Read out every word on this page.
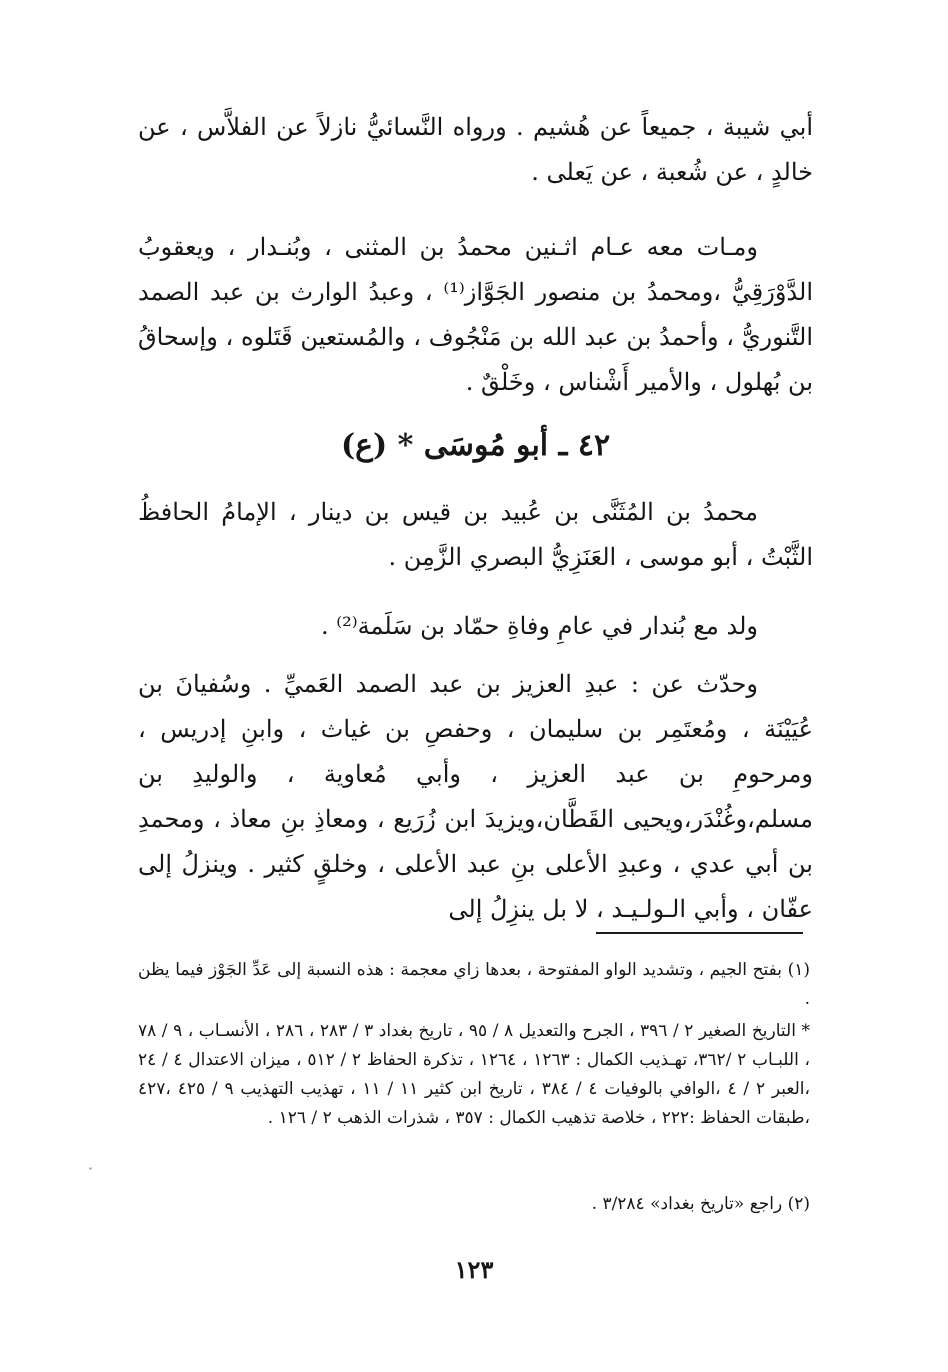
أبي شيبة ، جميعاً عن هُشيم . ورواه النَّسائيُّ نازلاً عن الفلاَّس ، عن خالدٍ ، عن شُعبة ، عن يَعلى .
ومـات معه عـام اثـنين محمدُ بن المثنى ، وبُنـدار ، ويعقوبُ الدَّوْرَقِيُّ ،ومحمدُ بن منصور الجَوَّاز⁽¹⁾ ، وعبدُ الوارث بن عبد الصمد التَّنوريُّ ، وأحمدُ بن عبد الله بن مَنْجُوف ، والمُستعين قَتَلوه ، وإسحاقُ بن بُهلول ، والأمير أَشْناس ، وخَلْقٌ .
٤٢ ـ أبو مُوسَى * (ع)
محمدُ بن المُثَنَّى بن عُبيد بن قيس بن دينار ، الإمامُ الحافظُ الثَّبْتُ ، أبو موسى ، العَنَزِيُّ البصري الزَّمِن .
ولد مع بُندار في عامِ وفاةِ حمّاد بن سَلَمة⁽²⁾ .
وحدّث عن : عبدِ العزيز بن عبد الصمد العَميِّ . وسُفيانَ بن عُيَيْنَة ، ومُعتَمِر بن سليمان ، وحفصِ بن غياث ، وابنِ إدريس ، ومرحومِ بن عبد العزيز ، وأبي مُعاوية ، والوليدِ بن مسلم،وغُنْدَر،ويحيى القَطَّان،ويزيدَ ابن زُرَيع ، ومعاذِ بنِ معاذ ، ومحمدِ بن أبي عدي ، وعبدِ الأعلى بنِ عبد الأعلى ، وخلقٍ كثير . وينزلُ إلى عفّان ، وأبي الـولـيـد ، لا بل ينزِلُ إلى
(١) بفتح الجيم ، وتشديد الواو المفتوحة ، بعدها زاي معجمة : هذه النسبة إلى عَدِّ الجَوْز فيما يظن .
* التاريخ الصغير ٢ / ٣٩٦ ، الجرح والتعديل ٨ / ٩٥ ، تاريخ بغداد ٣ / ٢٨٣ ، ٢٨٦ ، الأنسـاب ، ٩ / ٧٨ ، اللبـاب ٢ /٣٦٢، تهـذيب الكمال : ١٢٦٣ ، ١٢٦٤ ، تذكرة الحفاظ ٢ / ٥١٢ ، ميزان الاعتدال ٤ / ٢٤ ،العبر ٢ / ٤ ،الوافي بالوفيات ٤ / ٣٨٤ ، تاريخ ابن كثير ١١ / ١١ ، تهذيب التهذيب ٩ / ٤٢٥ ،٤٢٧ ،طبقات الحفاظ :٢٢٢ ، خلاصة تذهيب الكمال : ٣٥٧ ، شذرات الذهب ٢ / ١٢٦ .
(٢) راجع «تاريخ بغداد» ٣/٢٨٤ .
١٢٣
ˇ
